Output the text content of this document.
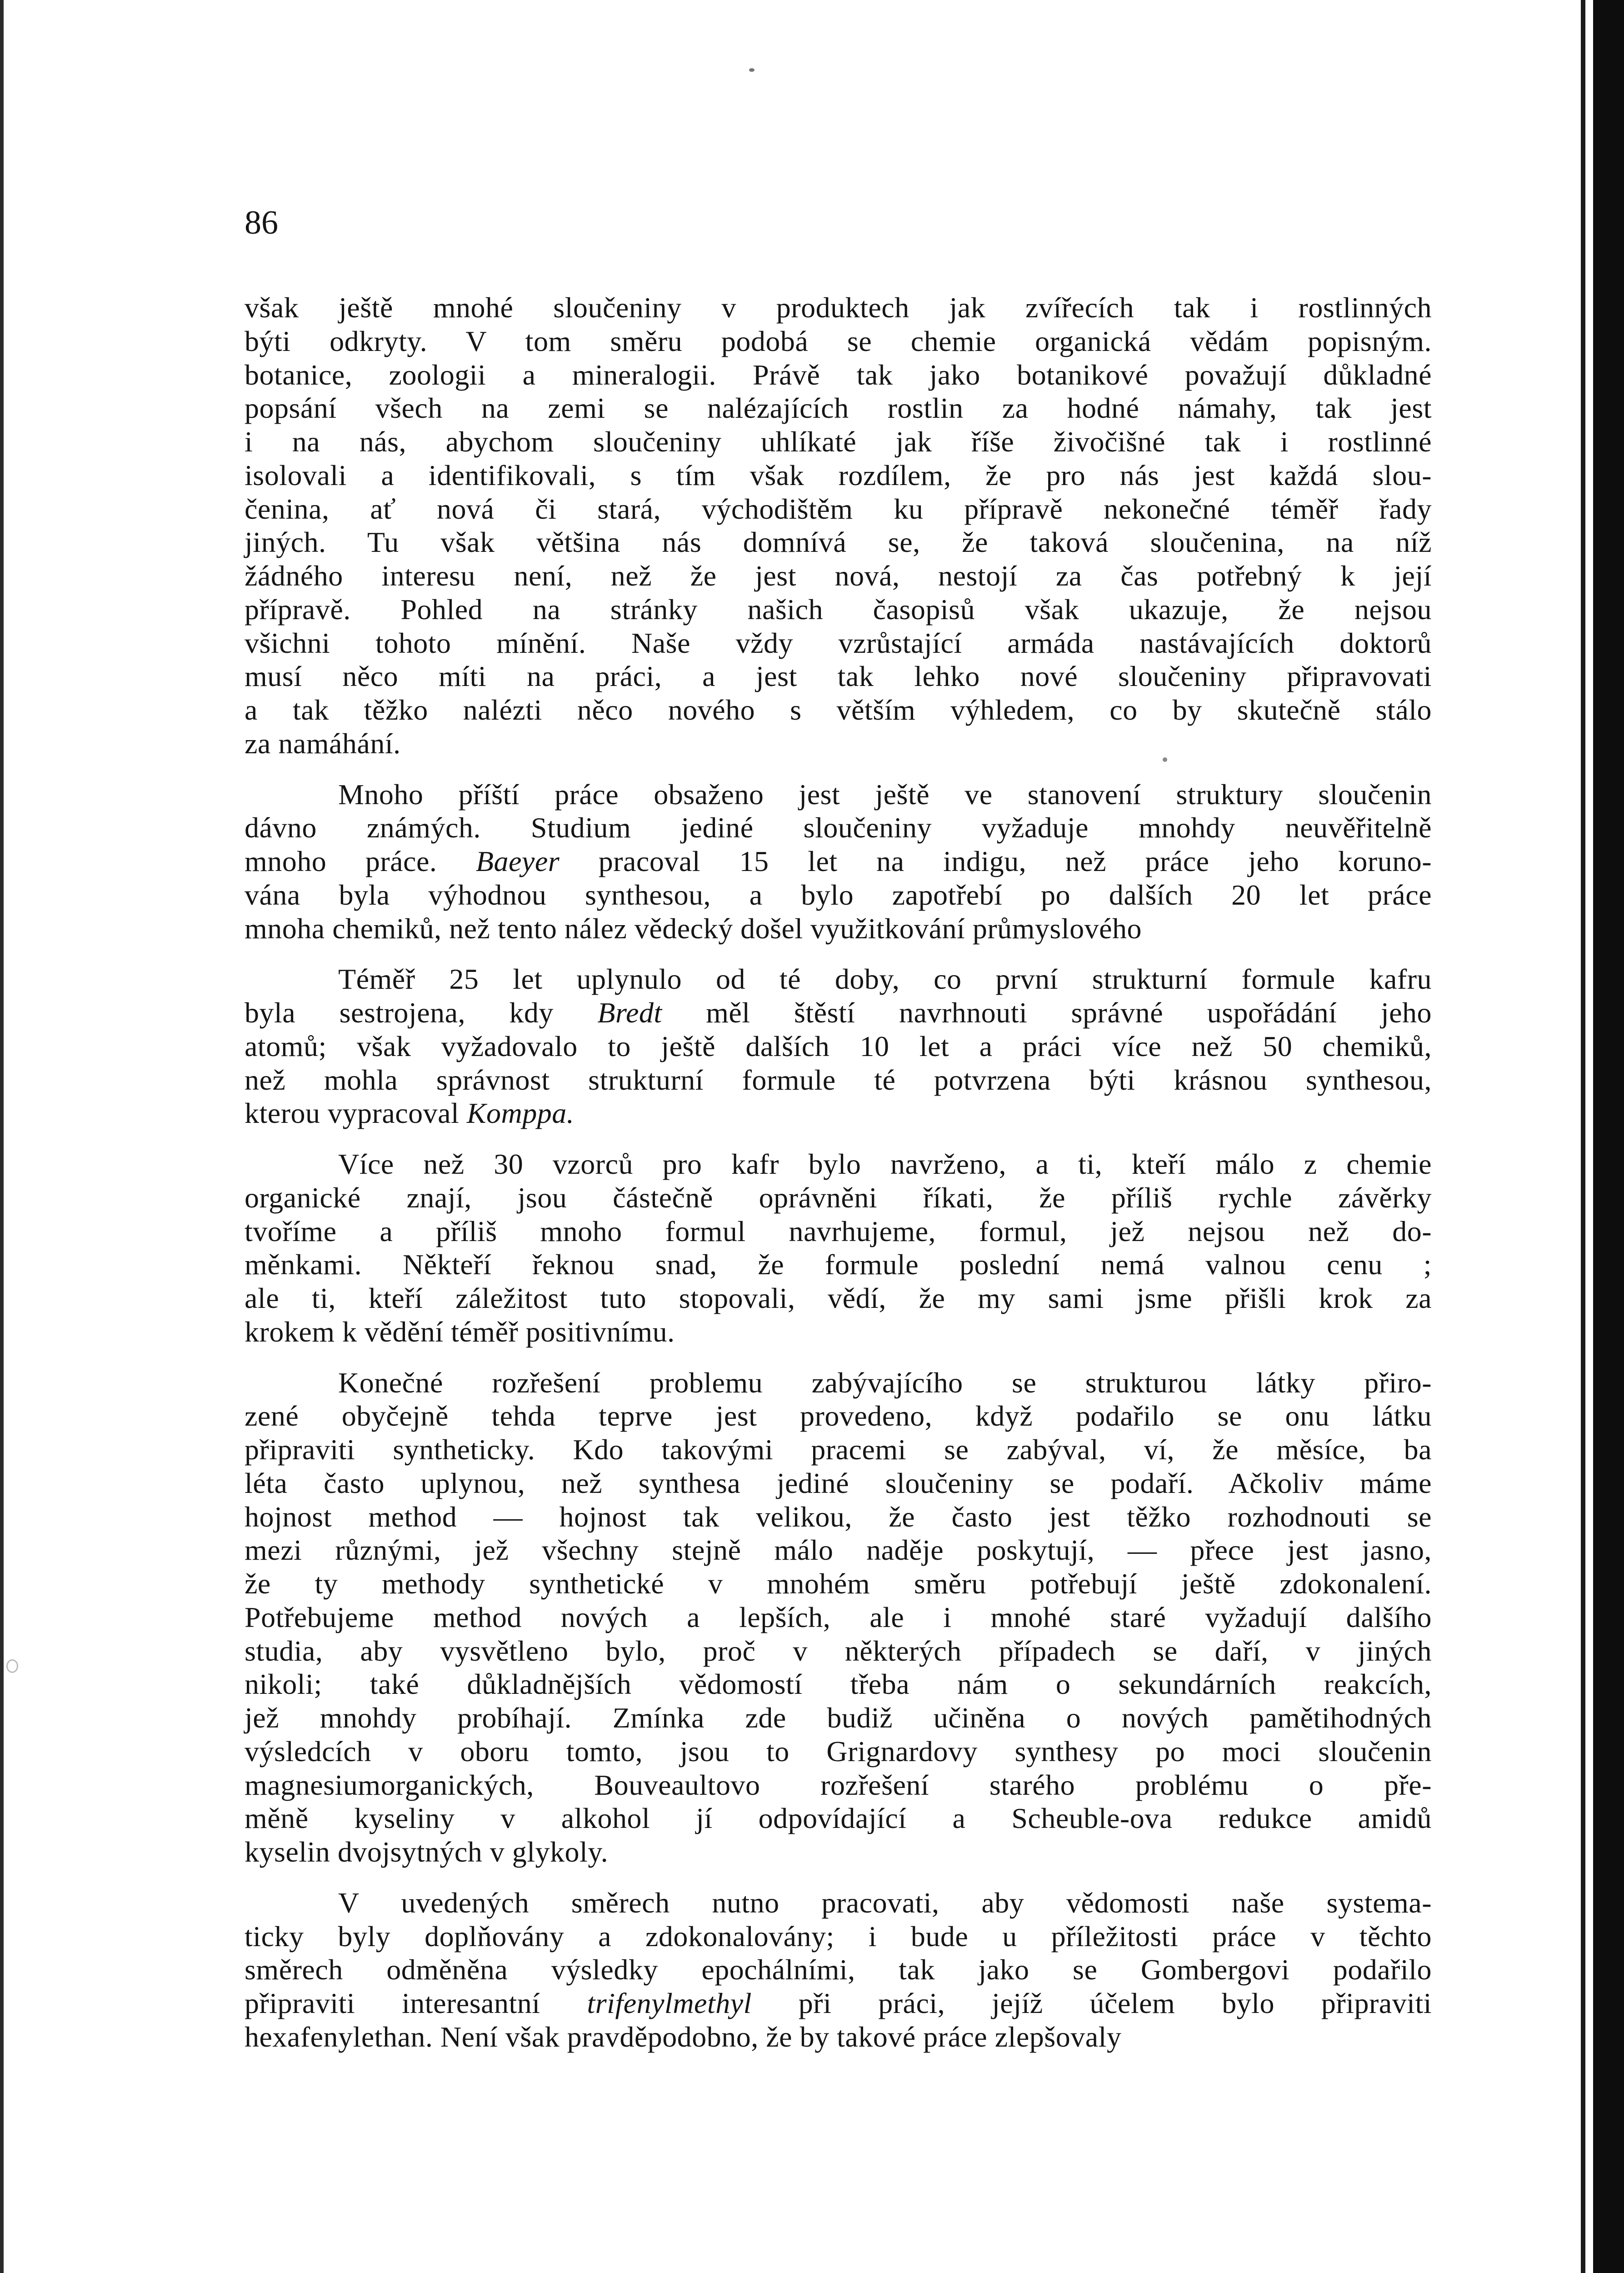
86
však ještě mnohé sloučeniny v produktech jak zvířecích tak i rostlinných
býti odkryty. V tom směru podobá se chemie organická vědám popisným.
botanice, zoologii a mineralogii. Právě tak jako botanikové považují důkladné
popsání všech na zemi se nalézajících rostlin za hodné námahy, tak jest
i na nás, abychom sloučeniny uhlíkaté jak říše živočišné tak i rostlinné
isolovali a identifikovali, s tím však rozdílem, že pro nás jest každá slou-
čenina, ať nová či stará, východištěm ku přípravě nekonečné téměř řady
jiných. Tu však většina nás domnívá se, že taková sloučenina, na níž
žádného interesu není, než že jest nová, nestojí za čas potřebný k její
přípravě. Pohled na stránky našich časopisů však ukazuje, že nejsou
všichni tohoto mínění. Naše vždy vzrůstající armáda nastávajících doktorů
musí něco míti na práci, a jest tak lehko nové sloučeniny připravovati
a tak těžko nalézti něco nového s větším výhledem, co by skutečně stálo
za namáhání.
Mnoho příští práce obsaženo jest ještě ve stanovení struktury sloučenin
dávno známých. Studium jediné sloučeniny vyžaduje mnohdy neuvěřitelně
mnoho práce. Baeyer pracoval 15 let na indigu, než práce jeho koruno-
vána byla výhodnou synthesou, a bylo zapotřebí po dalších 20 let práce
mnoha chemiků, než tento nález vědecký došel využitkování průmyslového
Téměř 25 let uplynulo od té doby, co první strukturní formule kafru
byla sestrojena, kdy Bredt měl štěstí navrhnouti správné uspořádání jeho
atomů; však vyžadovalo to ještě dalších 10 let a práci více než 50 chemiků,
než mohla správnost strukturní formule té potvrzena býti krásnou synthesou,
kterou vypracoval Komppa.
Více než 30 vzorců pro kafr bylo navrženo, a ti, kteří málo z chemie
organické znají, jsou částečně oprávněni říkati, že příliš rychle závěrky
tvoříme a příliš mnoho formul navrhujeme, formul, jež nejsou než do-
měnkami. Někteří řeknou snad, že formule poslední nemá valnou cenu ;
ale ti, kteří záležitost tuto stopovali, vědí, že my sami jsme přišli krok za
krokem k vědění téměř positivnímu.
Konečné rozřešení problemu zabývajícího se strukturou látky přiro-
zené obyčejně tehda teprve jest provedeno, když podařilo se onu látku
připraviti syntheticky. Kdo takovými pracemi se zabýval, ví, že měsíce, ba
léta často uplynou, než synthesa jediné sloučeniny se podaří. Ačkoliv máme
hojnost method — hojnost tak velikou, že často jest těžko rozhodnouti se
mezi různými, jež všechny stejně málo naděje poskytují, — přece jest jasno,
že ty methody synthetické v mnohém směru potřebují ještě zdokonalení.
Potřebujeme method nových a lepších, ale i mnohé staré vyžadují dalšího
studia, aby vysvětleno bylo, proč v některých případech se daří, v jiných
nikoli; také důkladnějších vědomostí třeba nám o sekundárních reakcích,
jež mnohdy probíhají. Zmínka zde budiž učiněna o nových pamětihodných
výsledcích v oboru tomto, jsou to Grignardovy synthesy po moci sloučenin
magnesiumorganických, Bouveaultovo rozřešení starého problému o pře-
měně kyseliny v alkohol jí odpovídající a Scheuble-ova redukce amidů
kyselin dvojsytných v glykoly.
V uvedených směrech nutno pracovati, aby vědomosti naše systema-
ticky byly doplňovány a zdokonalovány; i bude u příležitosti práce v těchto
směrech odměněna výsledky epochálními, tak jako se Gombergovi podařilo
připraviti interesantní trifenylmethyl při práci, jejíž účelem bylo připraviti
hexafenylethan. Není však pravděpodobno, že by takové práce zlepšovaly
